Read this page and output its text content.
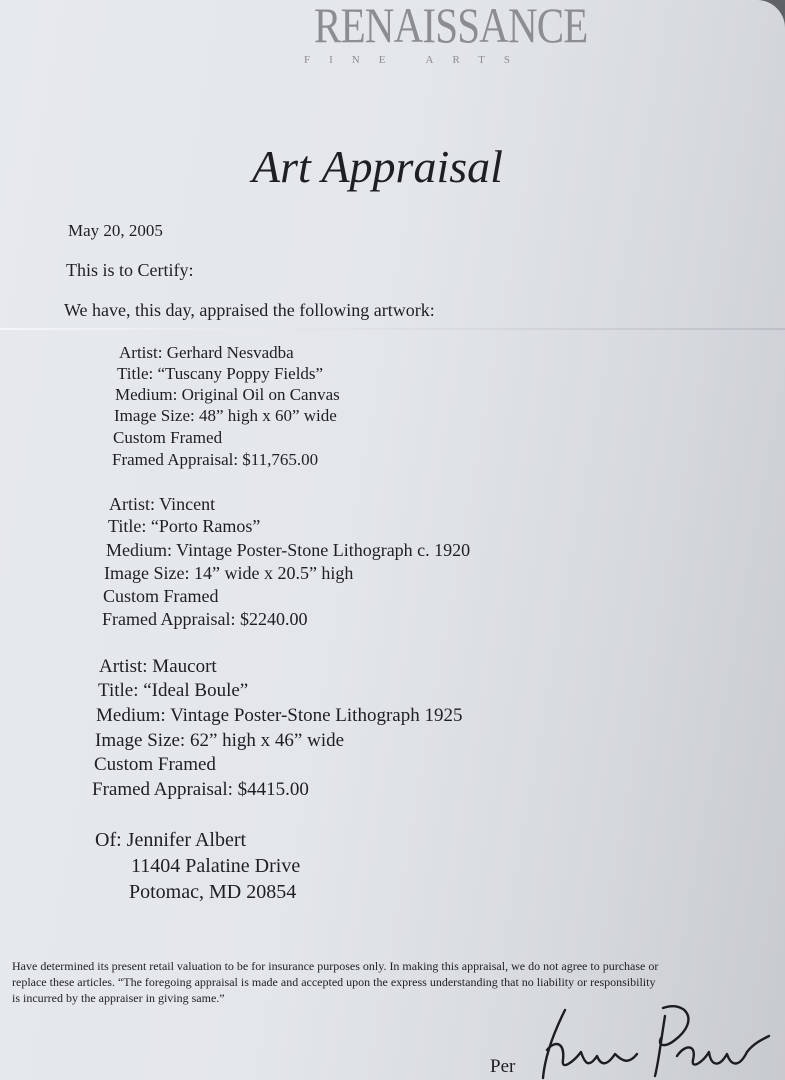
RENAISSANCE
FINE ARTS
Art Appraisal
May 20, 2005
This is to Certify:
We have, this day, appraised the following artwork:
Artist: Gerhard Nesvadba
Title: “Tuscany Poppy Fields”
Medium: Original Oil on Canvas
Image Size: 48” high x 60” wide
Custom Framed
Framed Appraisal: $11,765.00
Artist: Vincent
Title: “Porto Ramos”
Medium: Vintage Poster-Stone Lithograph c. 1920
Image Size: 14” wide x 20.5” high
Custom Framed
Framed Appraisal: $2240.00
Artist: Maucort
Title: “Ideal Boule”
Medium: Vintage Poster-Stone Lithograph 1925
Image Size: 62” high x 46” wide
Custom Framed
Framed Appraisal: $4415.00
Of: Jennifer Albert
11404 Palatine Drive
Potomac, MD 20854
Have determined its present retail valuation to be for insurance purposes only. In making this appraisal, we do not agree to purchase or
replace these articles. “The foregoing appraisal is made and accepted upon the express understanding that no liability or responsibility
is incurred by the appraiser in giving same.”
Per
